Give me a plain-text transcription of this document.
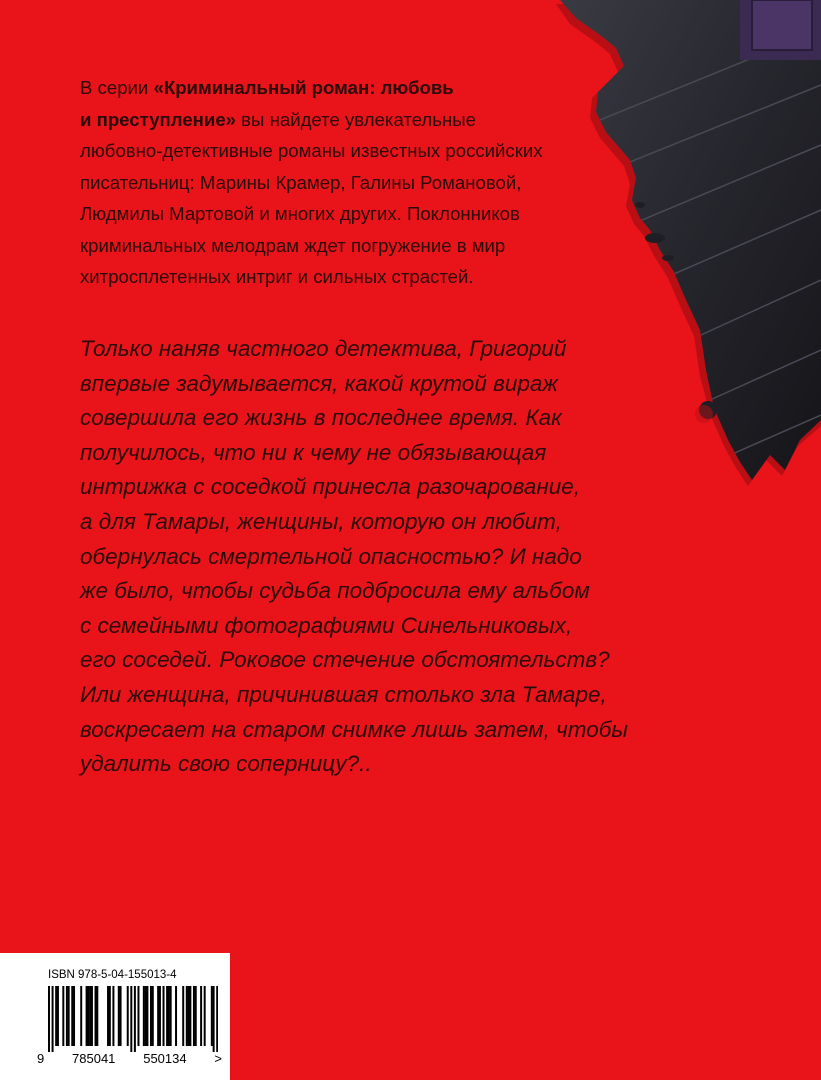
В серии «Криминальный роман: любовь
и преступление» вы найдете увлекательные
любовно-детективные романы известных российских
писательниц: Марины Крамер, Галины Романовой,
Людмилы Мартовой и многих других. Поклонников
криминальных мелодрам ждет погружение в мир
хитросплетенных интриг и сильных страстей.

Только наняв частного детектива, Григорий
впервые задумывается, какой крутой вираж
совершила его жизнь в последнее время. Как
получилось, что ни к чему не обязывающая
интрижка с соседкой принесла разочарование,
а для Тамары, женщины, которую он любит,
обернулась смертельной опасностью? И надо
же было, чтобы судьба подбросила ему альбом
с семейными фотографиями Синельниковых,
его соседей. Роковое стечение обстоятельств?
Или женщина, причинившая столько зла Тамаре,
воскресает на старом снимке лишь затем, чтобы
удалить свою соперницу?..

ISBN 978-5-04-155013-4
9 785041 550134 >
